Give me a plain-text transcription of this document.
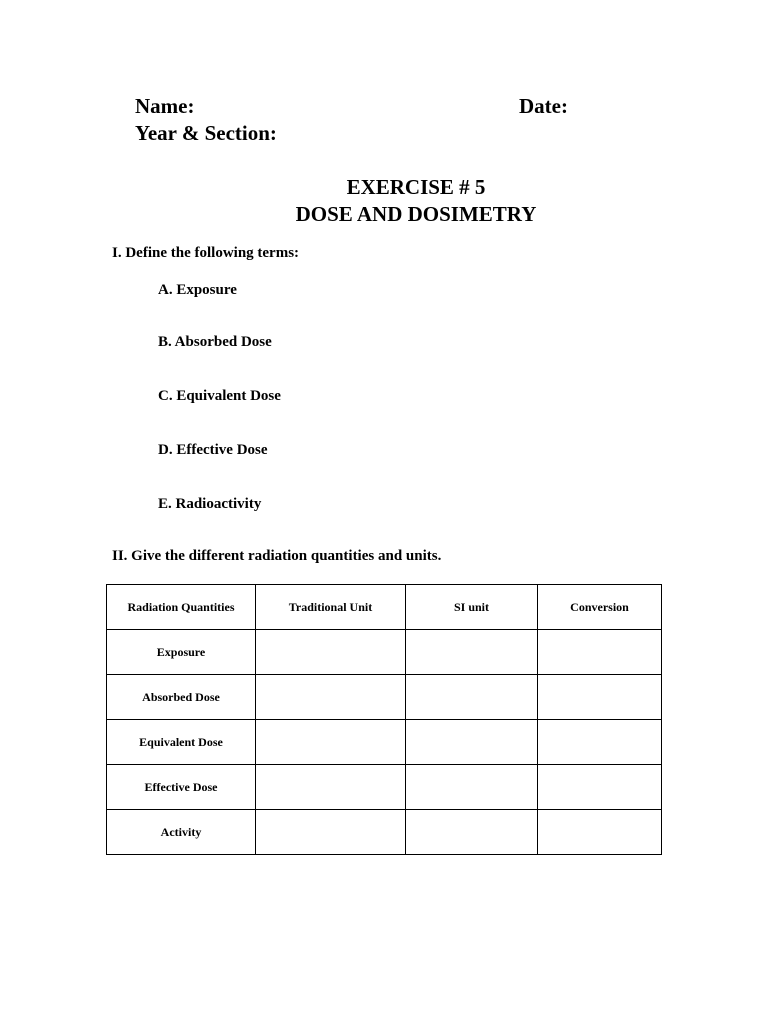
Name:	Date:
Year & Section:
EXERCISE # 5
DOSE AND DOSIMETRY
I. Define the following terms:
A. Exposure
B. Absorbed Dose
C. Equivalent Dose
D. Effective Dose
E. Radioactivity
II. Give the different radiation quantities and units.
Radiation Quantities	Traditional Unit	SI unit	Conversion
Exposure			
Absorbed Dose			
Equivalent Dose			
Effective Dose			
Activity			
